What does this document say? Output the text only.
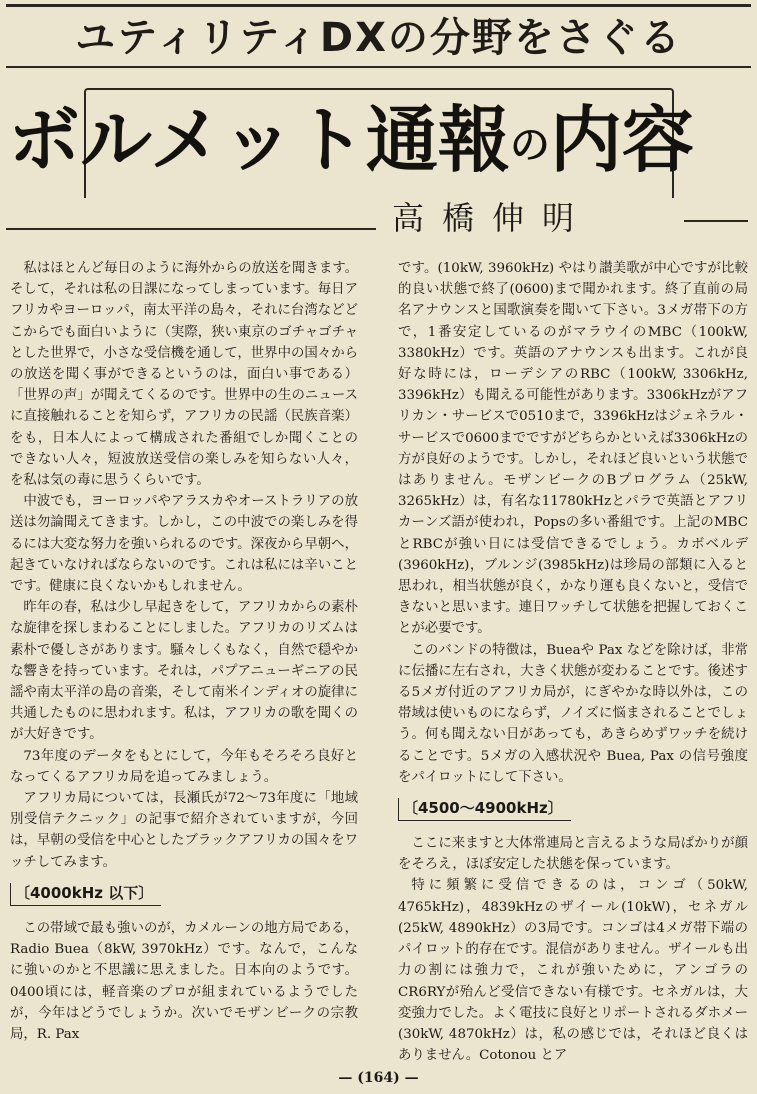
ユティリティDXの分野をさぐる
ボルメット通報の内容
高橋伸明

私はほとんど毎日のように海外からの放送を聞きます。そして，それは私の日課になってしまっています。毎日アフリカやヨーロッパ，南太平洋の島々，それに台湾などどこからでも面白いように（実際，狭い東京のゴチャゴチャとした世界で，小さな受信機を通して，世界中の国々からの放送を聞く事ができるというのは，面白い事である）「世界の声」が聞えてくるのです。世界中の生のニュースに直接触れることを知らず，アフリカの民謡（民族音楽）をも，日本人によって構成された番組でしか聞くことのできない人々，短波放送受信の楽しみを知らない人々，を私は気の毒に思うくらいです。

中波でも，ヨーロッパやアラスカやオーストラリアの放送は勿論聞えてきます。しかし，この中波での楽しみを得るには大変な努力を強いられるのです。深夜から早朝へ，起きていなければならないのです。これは私には辛いことです。健康に良くないかもしれません。

昨年の春，私は少し早起きをして，アフリカからの素朴な旋律を探しまわることにしました。アフリカのリズムは素朴で優しさがあります。騒々しくもなく，自然で穏やかな響きを持っています。それは，パプアニューギニアの民謡や南太平洋の島の音楽，そして南米インディオの旋律に共通したものに思われます。私は，アフリカの歌を聞くのが大好きです。

73年度のデータをもとにして，今年もそろそろ良好となってくるアフリカ局を追ってみましょう。

アフリカ局については，長瀬氏が72〜73年度に「地域別受信テクニック」の記事で紹介されていますが，今回は，早朝の受信を中心としたブラックアフリカの国々をワッチしてみます。

〔4000kHz 以下〕

この帯域で最も強いのが，カメルーンの地方局である，Radio Buea（8kW, 3970kHz）です。なんで，こんなに強いのかと不思議に思えました。日本向のようです。0400頃には，軽音楽のプロが組まれているようでしたが，今年はどうでしょうか。次いでモザンビークの宗教局，R. Pax

です。(10kW, 3960kHz) やはり讃美歌が中心ですが比較的良い状態で終了(0600)まで聞かれます。終了直前の局名アナウンスと国歌演奏を聞いて下さい。3メガ帯下の方で，1番安定しているのがマラウイのMBC（100kW, 3380kHz）です。英語のアナウンスも出ます。これが良好な時には，ローデシアのRBC（100kW, 3306kHz, 3396kHz）も聞える可能性があります。3306kHzがアフリカン・サービスで0510まで，3396kHzはジェネラル・サービスで0600までですがどちらかといえば3306kHzの方が良好のようです。しかし，それほど良いという状態ではありません。モザンビークのBプログラム（25kW, 3265kHz）は，有名な11780kHzとパラで英語とアフリカーンズ語が使われ，Popsの多い番組です。上記のMBCとRBCが強い日には受信できるでしょう。カボベルデ(3960kHz)，ブルンジ(3985kHz)は珍局の部類に入ると思われ，相当状態が良く，かなり運も良くないと，受信できないと思います。連日ワッチして状態を把握しておくことが必要です。

このバンドの特徴は，Bueaや Pax などを除けば，非常に伝播に左右され，大きく状態が変わることです。後述する5メガ付近のアフリカ局が，にぎやかな時以外は，この帯域は使いものにならず，ノイズに悩まされることでしょう。何も聞えない日があっても，あきらめずワッチを続けることです。5メガの入感状況や Buea, Pax の信号強度をパイロットにして下さい。

〔4500〜4900kHz〕

ここに来ますと大体常連局と言えるような局ばかりが顔をそろえ，ほぼ安定した状態を保っています。

特に頻繁に受信できるのは，コンゴ（50kW, 4765kHz)，4839kHzのザイール(10kW)，セネガル(25kW, 4890kHz）の3局です。コンゴは4メガ帯下端のパイロット的存在です。混信がありません。ザイールも出力の割には強力で，これが強いために，アンゴラのCR6RYが殆んど受信できない有様です。セネガルは，大変強力でした。よく電技に良好とリポートされるダホメー(30kW, 4870kHz）は，私の感じでは，それほど良くはありません。Cotonou とア

— (164) —
